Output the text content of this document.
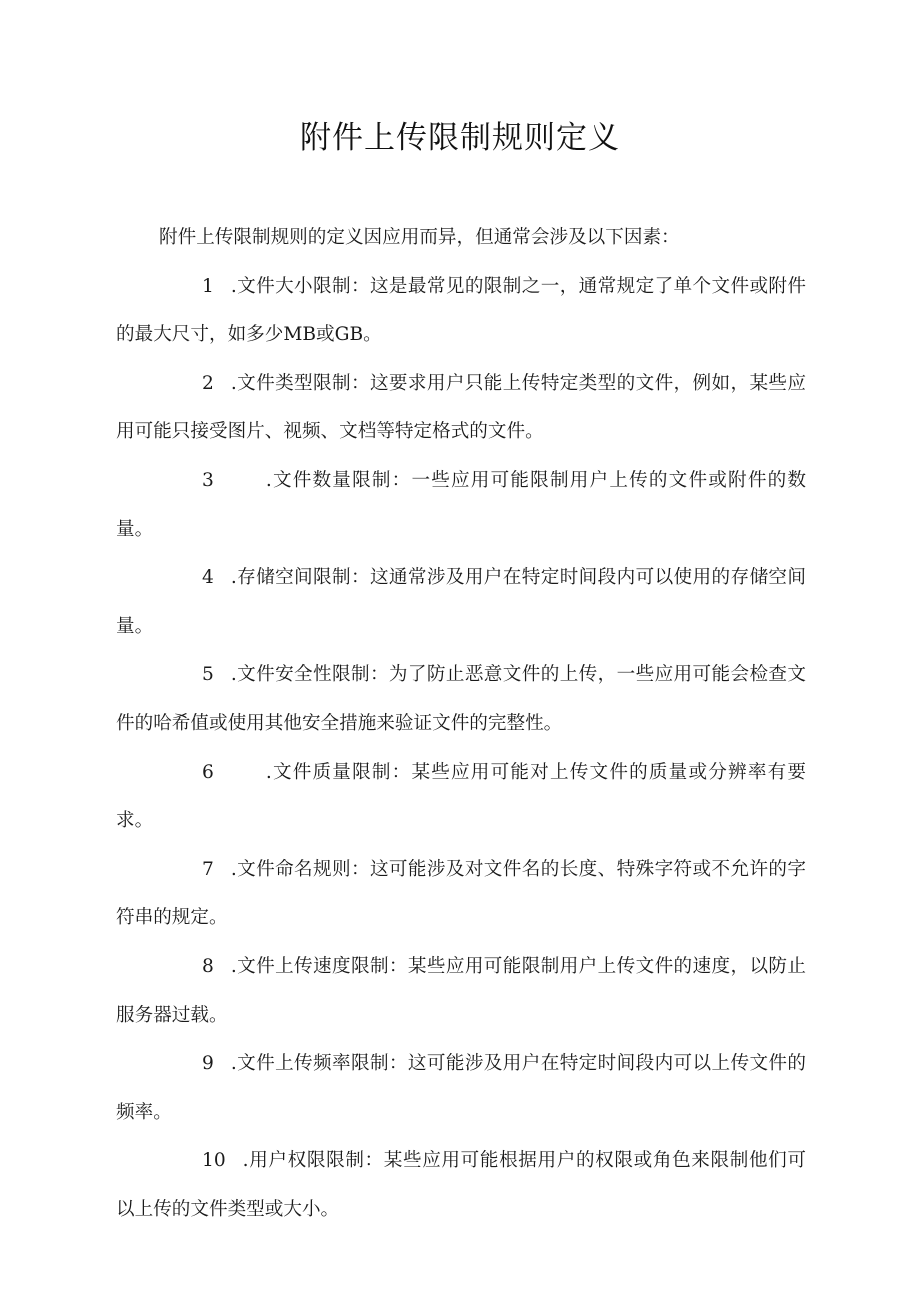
附件上传限制规则定义

附件上传限制规则的定义因应用而异，但通常会涉及以下因素：

1 .文件大小限制：这是最常见的限制之一，通常规定了单个文件或附件的最大尺寸，如多少MB或GB。

2 .文件类型限制：这要求用户只能上传特定类型的文件，例如，某些应用可能只接受图片、视频、文档等特定格式的文件。

3	.文件数量限制：一些应用可能限制用户上传的文件或附件的数量。

4 .存储空间限制：这通常涉及用户在特定时间段内可以使用的存储空间量。

5 .文件安全性限制：为了防止恶意文件的上传，一些应用可能会检查文件的哈希值或使用其他安全措施来验证文件的完整性。

6	.文件质量限制：某些应用可能对上传文件的质量或分辨率有要求。

7 .文件命名规则：这可能涉及对文件名的长度、特殊字符或不允许的字符串的规定。

8 .文件上传速度限制：某些应用可能限制用户上传文件的速度，以防止服务器过载。

9 .文件上传频率限制：这可能涉及用户在特定时间段内可以上传文件的频率。

10 .用户权限限制：某些应用可能根据用户的权限或角色来限制他们可以上传的文件类型或大小。
